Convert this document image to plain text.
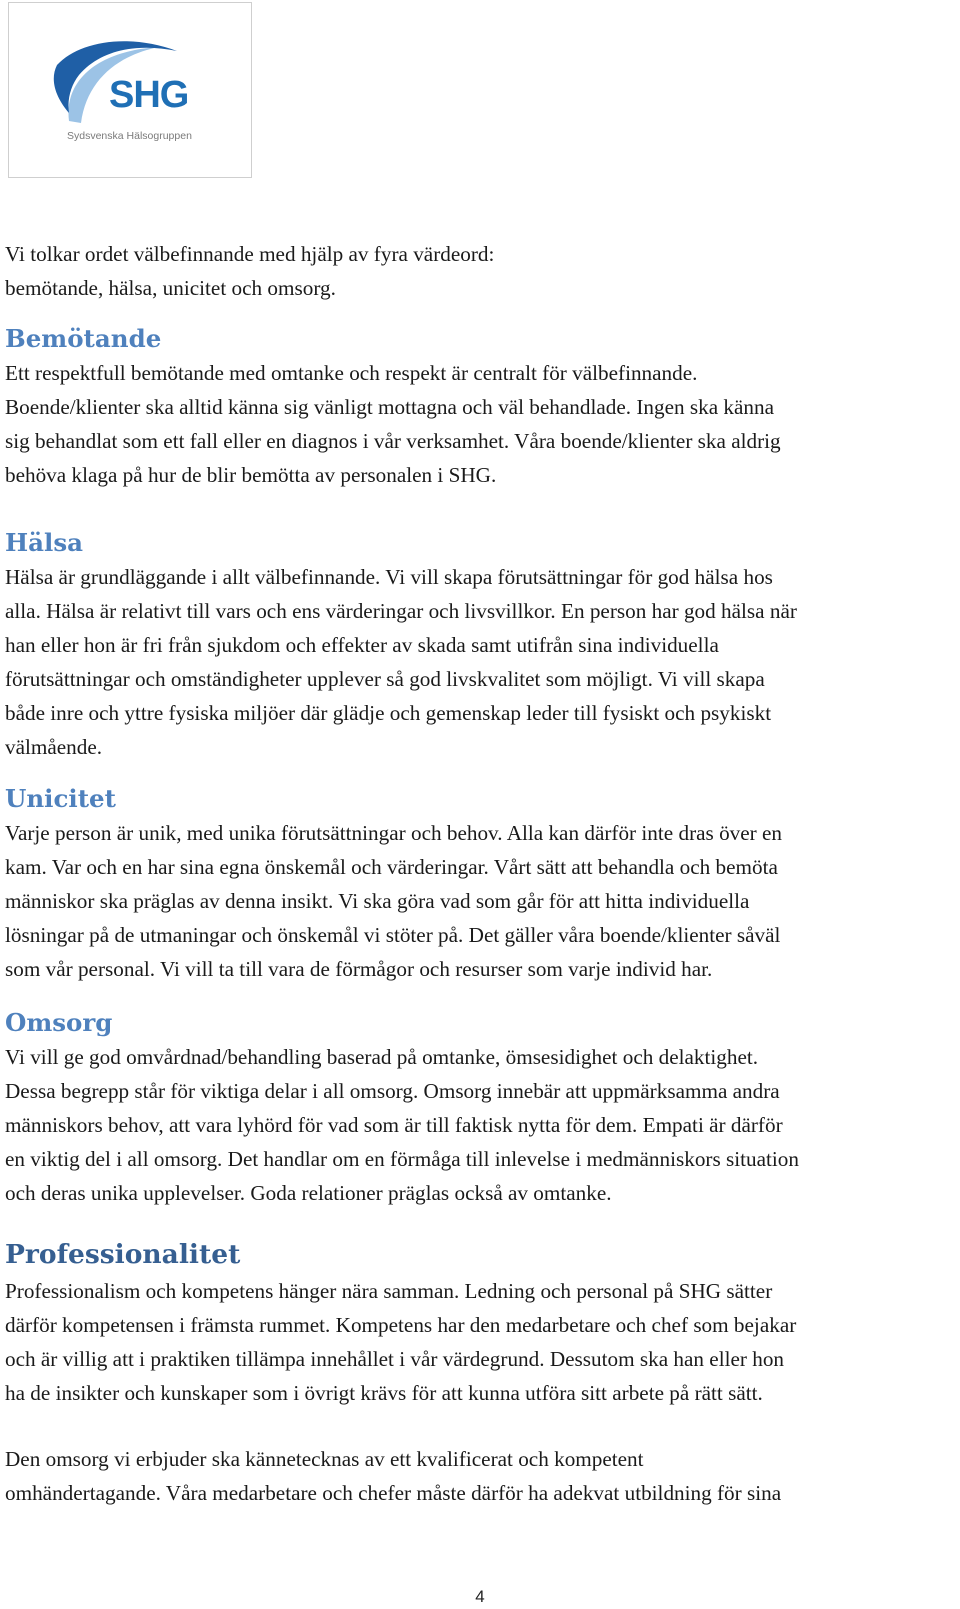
SHG
Sydsvenska Hälsogruppen

Vi tolkar ordet välbefinnande med hjälp av fyra värdeord:
bemötande, hälsa, unicitet och omsorg.

Bemötande

Ett respektfull bemötande med omtanke och respekt är centralt för välbefinnande.
Boende/klienter ska alltid känna sig vänligt mottagna och väl behandlade. Ingen ska känna
sig behandlat som ett fall eller en diagnos i vår verksamhet. Våra boende/klienter ska aldrig
behöva klaga på hur de blir bemötta av personalen i SHG.

Hälsa

Hälsa är grundläggande i allt välbefinnande. Vi vill skapa förutsättningar för god hälsa hos
alla. Hälsa är relativt till vars och ens värderingar och livsvillkor. En person har god hälsa när
han eller hon är fri från sjukdom och effekter av skada samt utifrån sina individuella
förutsättningar och omständigheter upplever så god livskvalitet som möjligt. Vi vill skapa
både inre och yttre fysiska miljöer där glädje och gemenskap leder till fysiskt och psykiskt
välmående.

Unicitet

Varje person är unik, med unika förutsättningar och behov. Alla kan därför inte dras över en
kam. Var och en har sina egna önskemål och värderingar. Vårt sätt att behandla och bemöta
människor ska präglas av denna insikt. Vi ska göra vad som går för att hitta individuella
lösningar på de utmaningar och önskemål vi stöter på. Det gäller våra boende/klienter såväl
som vår personal. Vi vill ta till vara de förmågor och resurser som varje individ har.

Omsorg

Vi vill ge god omvårdnad/behandling baserad på omtanke, ömsesidighet och delaktighet.
Dessa begrepp står för viktiga delar i all omsorg. Omsorg innebär att uppmärksamma andra
människors behov, att vara lyhörd för vad som är till faktisk nytta för dem. Empati är därför
en viktig del i all omsorg. Det handlar om en förmåga till inlevelse i medmänniskors situation
och deras unika upplevelser. Goda relationer präglas också av omtanke.

Professionalitet

Professionalism och kompetens hänger nära samman. Ledning och personal på SHG sätter
därför kompetensen i främsta rummet. Kompetens har den medarbetare och chef som bejakar
och är villig att i praktiken tillämpa innehållet i vår värdegrund. Dessutom ska han eller hon
ha de insikter och kunskaper som i övrigt krävs för att kunna utföra sitt arbete på rätt sätt.

Den omsorg vi erbjuder ska kännetecknas av ett kvalificerat och kompetent
omhändertagande. Våra medarbetare och chefer måste därför ha adekvat utbildning för sina

4
